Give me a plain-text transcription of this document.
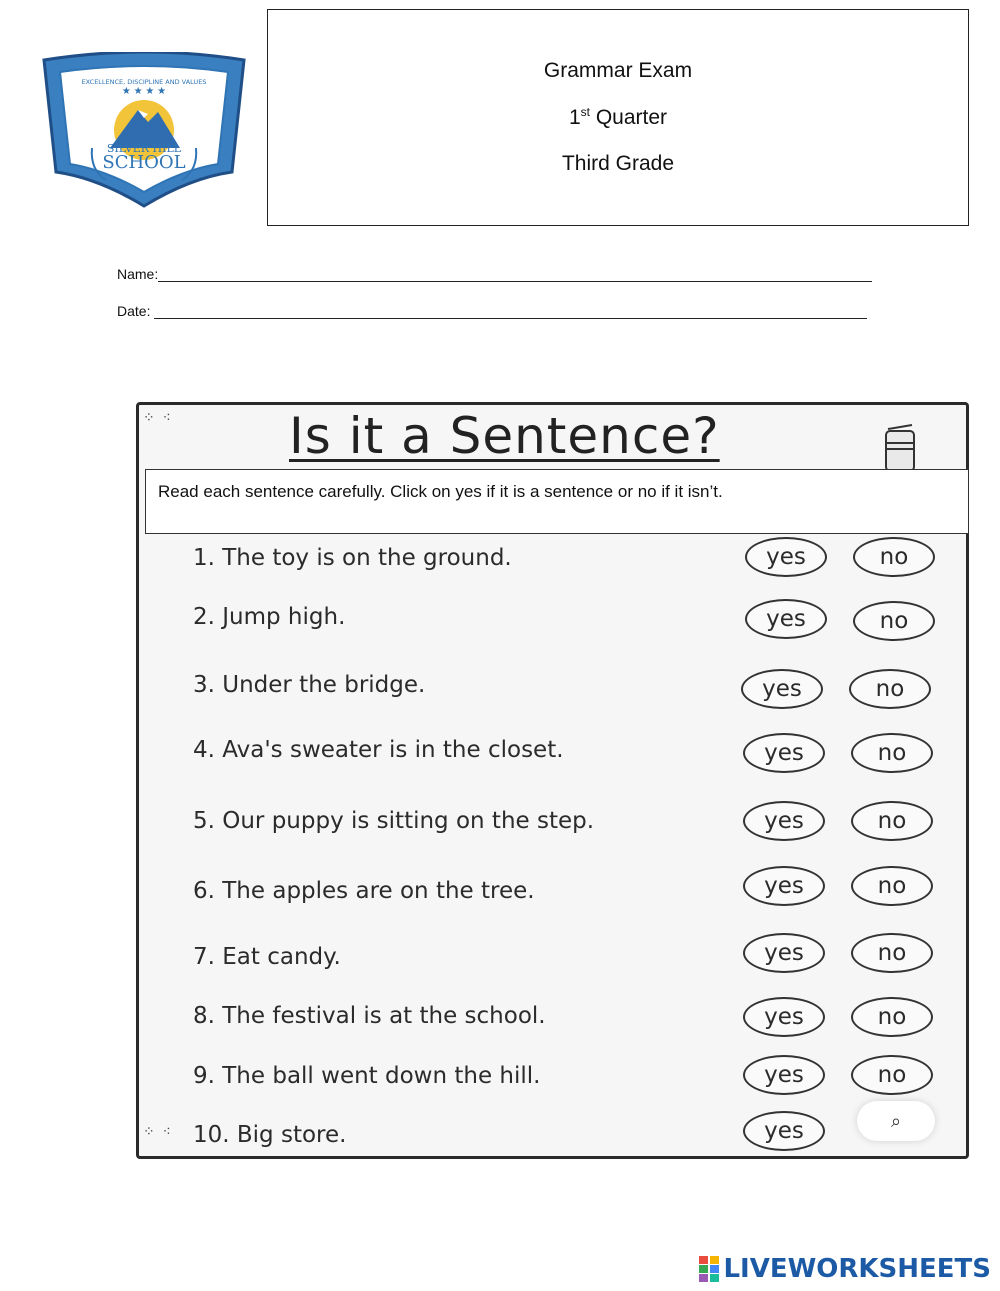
EXCELLENCE, DISCIPLINE AND VALUES
★ ★ ★ ★
SILVER HILL
SCHOOL
Grammar Exam
1st Quarter
Third Grade
Name:
Date:
⁘ ⁖
⁘ ⁖
Is it a Sentence?
1. The toy is on the ground.	yes	no
2. Jump high.	yes	no
3. Under the bridge.	yes	no
4. Ava's sweater is in the closet.	yes	no
5. Our puppy is sitting on the step.	yes	no
6. The apples are on the tree.	yes	no
7. Eat candy.	yes	no
8. The festival is at the school.	yes	no
9. The ball went down the hill.	yes	no
10. Big store.	yes	⌕
Read each sentence carefully. Click on yes if it is a sentence or no if it isn’t.
LIVEWORKSHEETS
